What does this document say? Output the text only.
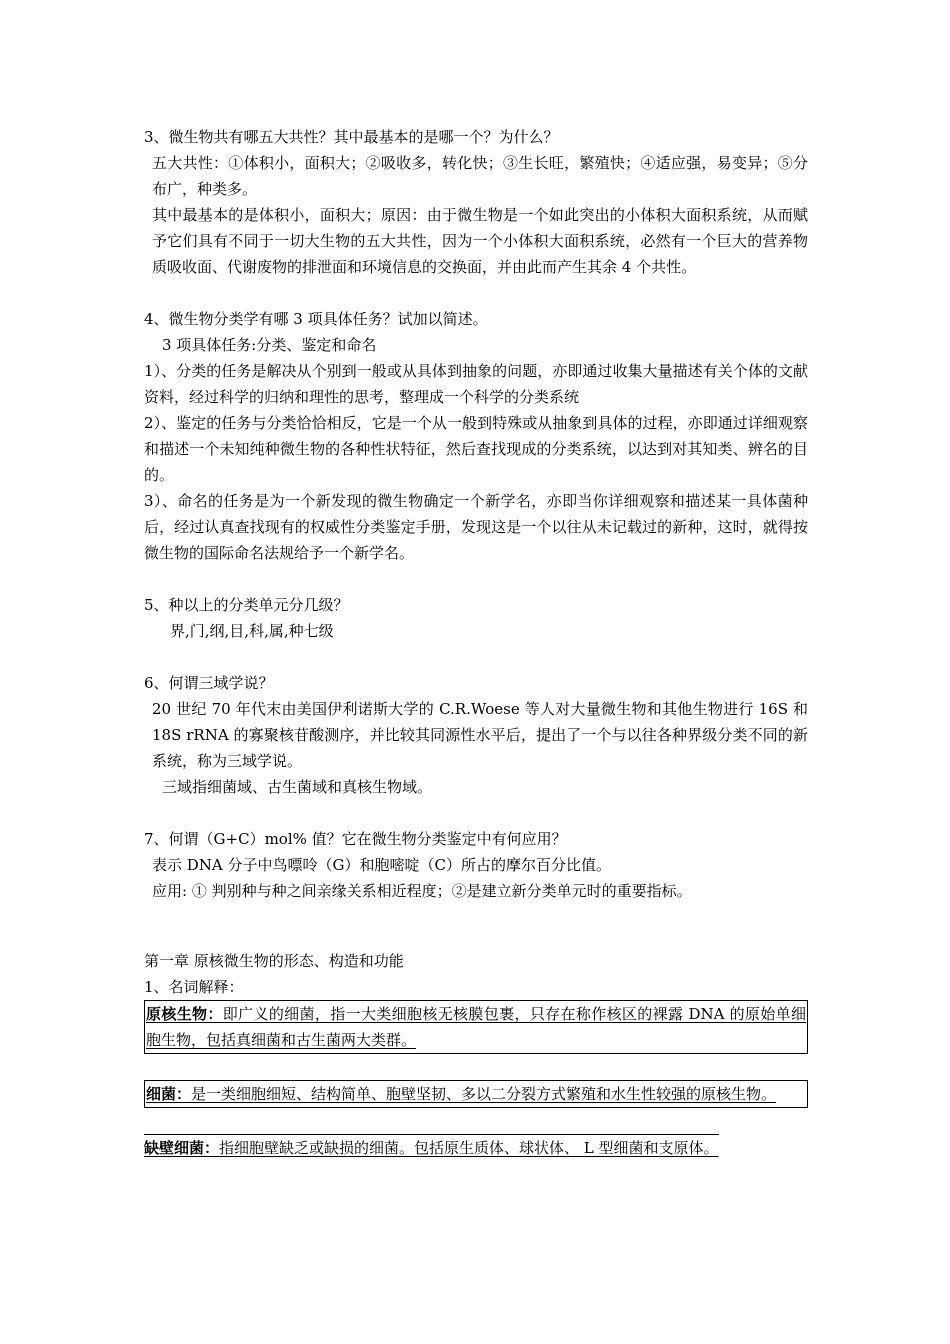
3、微生物共有哪五大共性？其中最基本的是哪一个？为什么？
五大共性：①体积小，面积大；②吸收多，转化快；③生长旺，繁殖快；④适应强，易变异；⑤分布广，种类多。
其中最基本的是体积小，面积大；原因：由于微生物是一个如此突出的小体积大面积系统，从而赋予它们具有不同于一切大生物的五大共性，因为一个小体积大面积系统，必然有一个巨大的营养物质吸收面、代谢废物的排泄面和环境信息的交换面，并由此而产生其余 4 个共性。
4、微生物分类学有哪 3 项具体任务？试加以简述。
3 项具体任务:分类、鉴定和命名
1）、分类的任务是解决从个别到一般或从具体到抽象的问题，亦即通过收集大量描述有关个体的文献资料，经过科学的归纳和理性的思考，整理成一个科学的分类系统
2）、鉴定的任务与分类恰恰相反，它是一个从一般到特殊或从抽象到具体的过程，亦即通过详细观察和描述一个未知纯种微生物的各种性状特征，然后查找现成的分类系统，以达到对其知类、辨名的目的。
3）、命名的任务是为一个新发现的微生物确定一个新学名，亦即当你详细观察和描述某一具体菌种后，经过认真查找现有的权威性分类鉴定手册，发现这是一个以往从未记载过的新种，这时，就得按微生物的国际命名法规给予一个新学名。
5、种以上的分类单元分几级？
界,门,纲,目,科,属,种七级
6、何谓三域学说？
20 世纪 70 年代末由美国伊利诺斯大学的 C.R.Woese 等人对大量微生物和其他生物进行 16S 和 18S rRNA 的寡聚核苷酸测序，并比较其同源性水平后，提出了一个与以往各种界级分类不同的新系统，称为三域学说。
三域指细菌域、古生菌域和真核生物域。
7、何谓（G+C）mol% 值？它在微生物分类鉴定中有何应用？
表示 DNA 分子中鸟嘌呤（G）和胞嘧啶（C）所占的摩尔百分比值。
应用: ① 判别种与种之间亲缘关系相近程度；②是建立新分类单元时的重要指标。
第一章 原核微生物的形态、构造和功能
1、名词解释：
原核生物：即广义的细菌，指一大类细胞核无核膜包裹，只存在称作核区的裸露 DNA 的原始单细胞生物，包括真细菌和古生菌两大类群。
细菌：是一类细胞细短、结构简单、胞壁坚韧、多以二分裂方式繁殖和水生性较强的原核生物。
缺壁细菌：指细胞壁缺乏或缺损的细菌。包括原生质体、球状体、 L 型细菌和支原体。
